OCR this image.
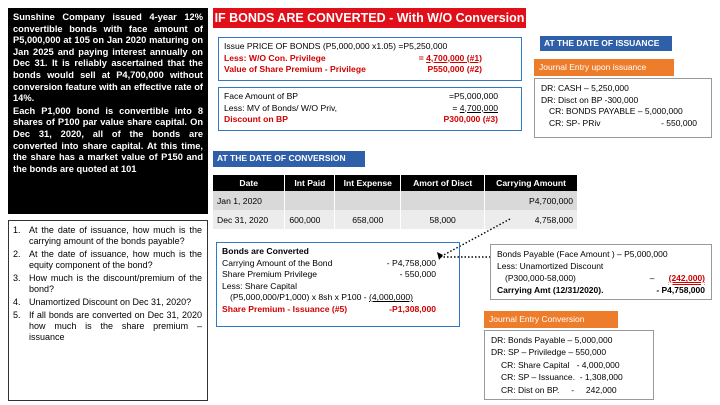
Sunshine Company issued 4-year 12% convertible bonds with face amount of P5,000,000 at 105 on Jan 2020 maturing on Jan 2025 and paying interest annually on Dec 31. It is reliably ascertained that the bonds would sell at P4,700,000 without conversion feature with an effective rate of 14%.

Each P1,000 bond is convertible into 8 shares of P100 par value share capital. On Dec 31, 2020, all of the bonds are converted into share capital. At this time, the share has a market value of P150 and the bonds are quoted at 101

1. At the date of issuance, how much is the carrying amount of the bonds payable?
2. At the date of issuance, how much is the equity component of the bond?
3. How much is the discount/premium of the bond?
4. Unamortized Discount on Dec 31, 2020?
5. If all bonds are converted on Dec 31, 2020 how much is the share premium – issuance
IF BONDS ARE CONVERTED - With W/O Conversion Price
Issue PRICE OF BONDS (P5,000,000 x1.05) =P5,250,000
Less: W/O Con. Privilege	= 4,700,000 (#1)
Value of Share Premium - Privilege	P550,000 (#2)
Face Amount of BP	=P5,000,000
Less: MV of Bonds/ W/O Priv,	= 4,700,000
Discount on BP	P300,000 (#3)
AT THE DATE OF ISSUANCE
Journal Entry upon issuance
DR: CASH – 5,250,000
DR: Disct on BP -300,000
CR: BONDS PAYABLE – 5,000,000
CR: SP- PRiv	- 550,000
AT THE DATE OF CONVERSION
Date	Int Paid	Int Expense	Amort of Disct	Carrying Amount
Jan 1, 2020				P4,700,000
Dec 31, 2020	600,000	658,000	58,000	4,758,000
Bonds are Converted
Carrying Amount of the Bond	- P4,758,000
Share Premium Privilege	- 550,000
Less: Share Capital
(P5,000,000/P1,000) x 8sh x P100 - (4,000,000)
Share Premium - Issuance (#5)	-P1,308,000
Bonds Payable (Face Amount ) – P5,000,000
Less: Unamortized Discount
(P300,000-58,000)	– (242,000)
Carrying Amt (12/31/2020).	- P4,758,000
Journal Entry Conversion
DR: Bonds Payable – 5,000,000
DR: SP – Priviledge – 550,000
CR: Share Capital   - 4,000,000
CR: SP – Issuance.  - 1,308,000
CR: Dist on BP.     -     242,000
